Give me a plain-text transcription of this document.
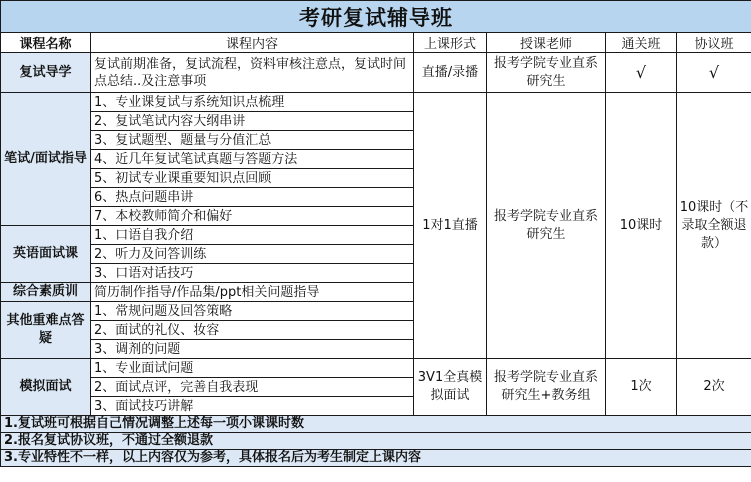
考研复试辅导班					
课程名称	课程内容	上课形式	授课老师	通关班	协议班
复试导学	复试前期准备，复试流程，资料审核注意点，复试时间点总结..及注意事项	直播/录播	报考学院专业直系研究生	√	√
笔试/面试指导	1、专业课复试与系统知识点梳理	1对1直播	报考学院专业直系研究生	10课时	10课时（不录取全额退款）
	2、复试笔试内容大纲串讲				
	3、复试题型、题量与分值汇总				
	4、近几年复试笔试真题与答题方法				
	5、初试专业课重要知识点回顾				
	6、热点问题串讲				
	7、本校教师简介和偏好				
英语面试课	1、口语自我介绍				
	2、听力及问答训练				
	3、口语对话技巧				
综合素质训	简历制作指导/作品集/ppt相关问题指导				
其他重难点答疑	1、常规问题及回答策略				
	2、面试的礼仪、妆容				
	3、调剂的问题				
模拟面试	1、专业面试问题	3V1全真模拟面试	报考学院专业直系研究生+教务组	1次	2次
	2、面试点评，完善自我表现				
	3、面试技巧讲解				
1.复试班可根据自己情况调整上述每一项小课课时数					
2.报名复试协议班，不通过全额退款					
3.专业特性不一样，以上内容仅为参考，具体报名后为考生制定上课内容					
